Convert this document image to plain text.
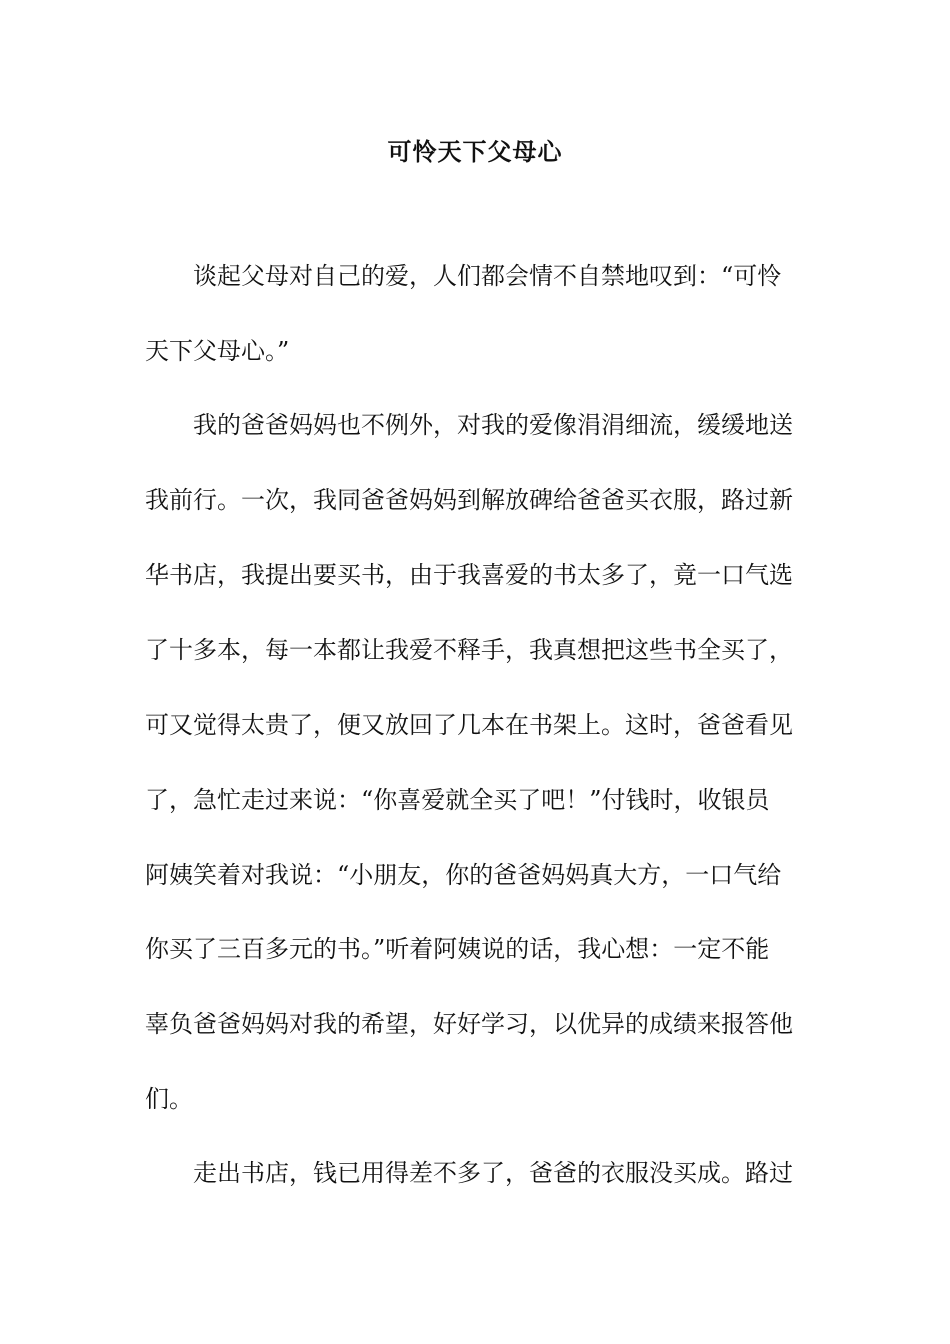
可怜天下父母心
谈起父母对自己的爱，人们都会情不自禁地叹到：“可怜
天下父母心。”
我的爸爸妈妈也不例外，对我的爱像涓涓细流，缓缓地送
我前行。一次，我同爸爸妈妈到解放碑给爸爸买衣服，路过新
华书店，我提出要买书，由于我喜爱的书太多了，竟一口气选
了十多本，每一本都让我爱不释手，我真想把这些书全买了，
可又觉得太贵了，便又放回了几本在书架上。这时，爸爸看见
了，急忙走过来说：“你喜爱就全买了吧！”付钱时，收银员
阿姨笑着对我说：“小朋友，你的爸爸妈妈真大方，一口气给
你买了三百多元的书。”听着阿姨说的话，我心想：一定不能
辜负爸爸妈妈对我的希望，好好学习，以优异的成绩来报答他
们。
走出书店，钱已用得差不多了，爸爸的衣服没买成。路过
